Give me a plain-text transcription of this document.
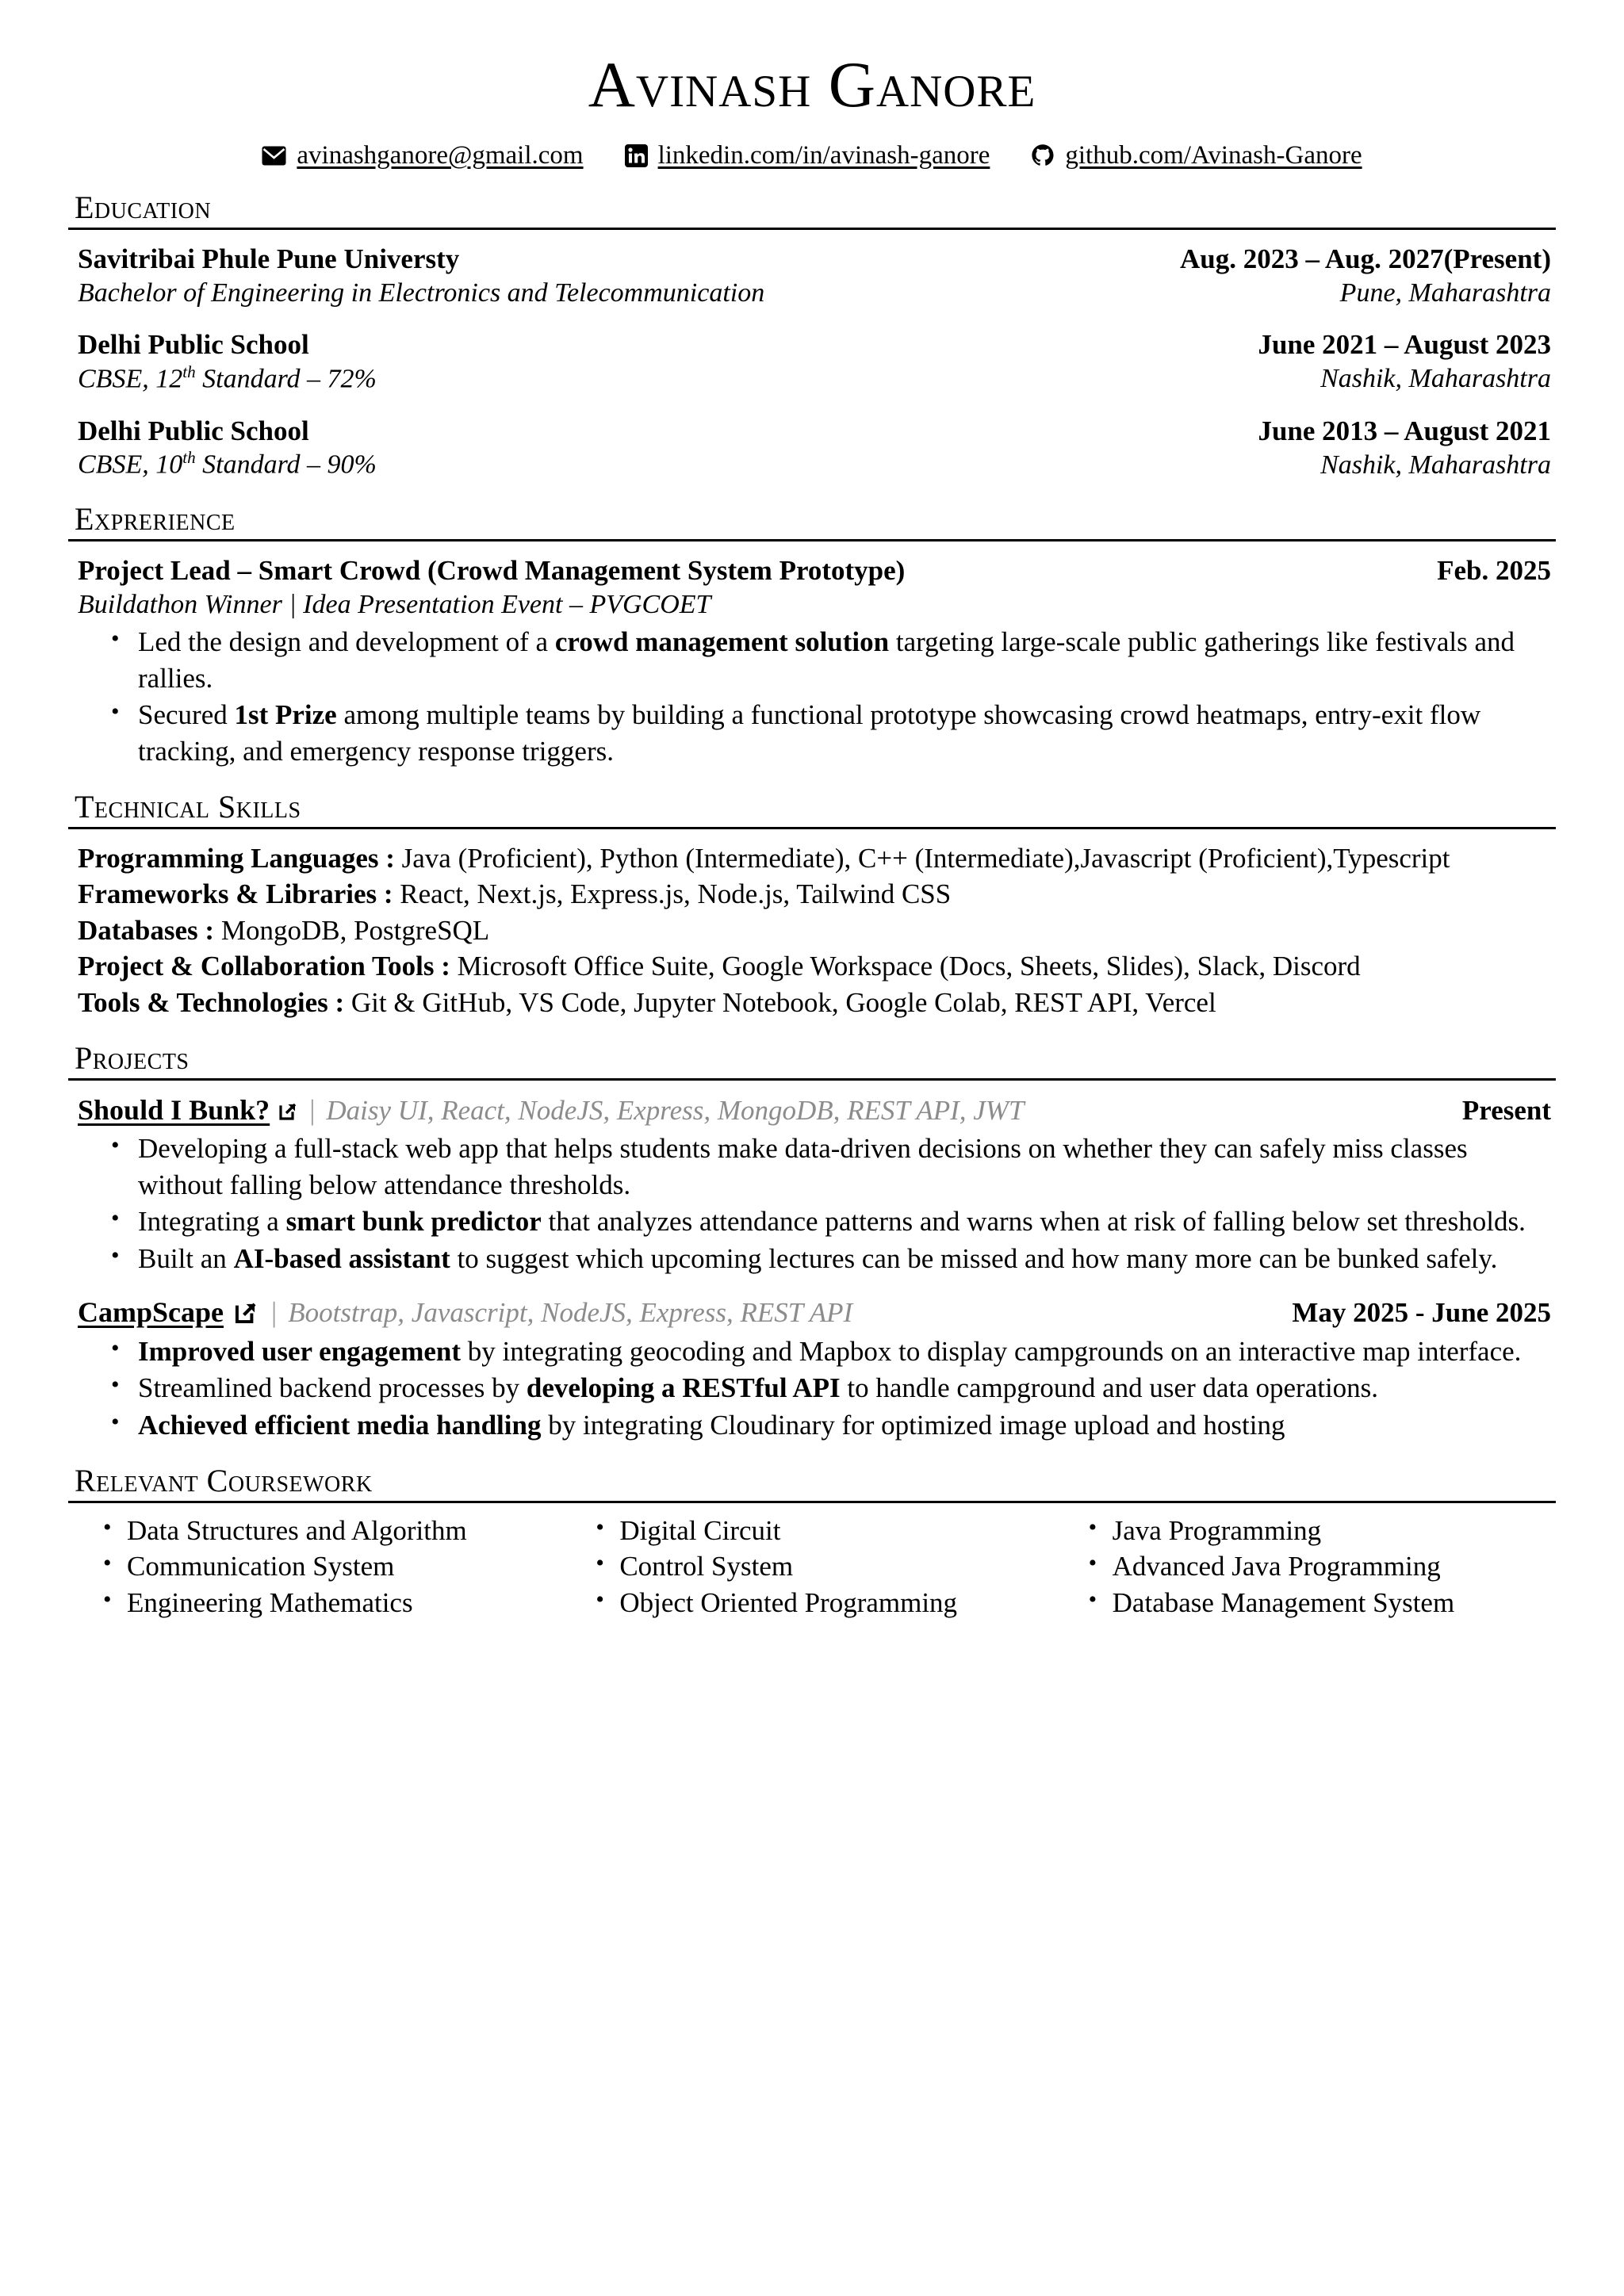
Avinash Ganore
avinashganore@gmail.com	linkedin.com/in/avinash-ganore	github.com/Avinash-Ganore
Education
Savitribai Phule Pune Universty	Aug. 2023 – Aug. 2027(Present)
Bachelor of Engineering in Electronics and Telecommunication	Pune, Maharashtra
Delhi Public School	June 2021 – August 2023
CBSE, 12th Standard – 72%	Nashik, Maharashtra
Delhi Public School	June 2013 – August 2021
CBSE, 10th Standard – 90%	Nashik, Maharashtra
Exprerience
Project Lead – Smart Crowd (Crowd Management System Prototype)	Feb. 2025
Buildathon Winner | Idea Presentation Event – PVGCOET
• Led the design and development of a crowd management solution targeting large-scale public gatherings like festivals and rallies.
• Secured 1st Prize among multiple teams by building a functional prototype showcasing crowd heatmaps, entry-exit flow tracking, and emergency response triggers.
Technical Skills
Programming Languages : Java (Proficient), Python (Intermediate), C++ (Intermediate),Javascript (Proficient),Typescript
Frameworks & Libraries : React, Next.js, Express.js, Node.js, Tailwind CSS
Databases : MongoDB, PostgreSQL
Project & Collaboration Tools : Microsoft Office Suite, Google Workspace (Docs, Sheets, Slides), Slack, Discord
Tools & Technologies : Git & GitHub, VS Code, Jupyter Notebook, Google Colab, REST API, Vercel
Projects
Should I Bunk? | Daisy UI, React, NodeJS, Express, MongoDB, REST API, JWT	Present
• Developing a full-stack web app that helps students make data-driven decisions on whether they can safely miss classes without falling below attendance thresholds.
• Integrating a smart bunk predictor that analyzes attendance patterns and warns when at risk of falling below set thresholds.
• Built an AI-based assistant to suggest which upcoming lectures can be missed and how many more can be bunked safely.
CampScape | Bootstrap, Javascript, NodeJS, Express, REST API	May 2025 - June 2025
• Improved user engagement by integrating geocoding and Mapbox to display campgrounds on an interactive map interface.
• Streamlined backend processes by developing a RESTful API to handle campground and user data operations.
• Achieved efficient media handling by integrating Cloudinary for optimized image upload and hosting
Relevant Coursework
• Data Structures and Algorithm
• Communication System
• Engineering Mathematics
• Digital Circuit
• Control System
• Object Oriented Programming
• Java Programming
• Advanced Java Programming
• Database Management System
